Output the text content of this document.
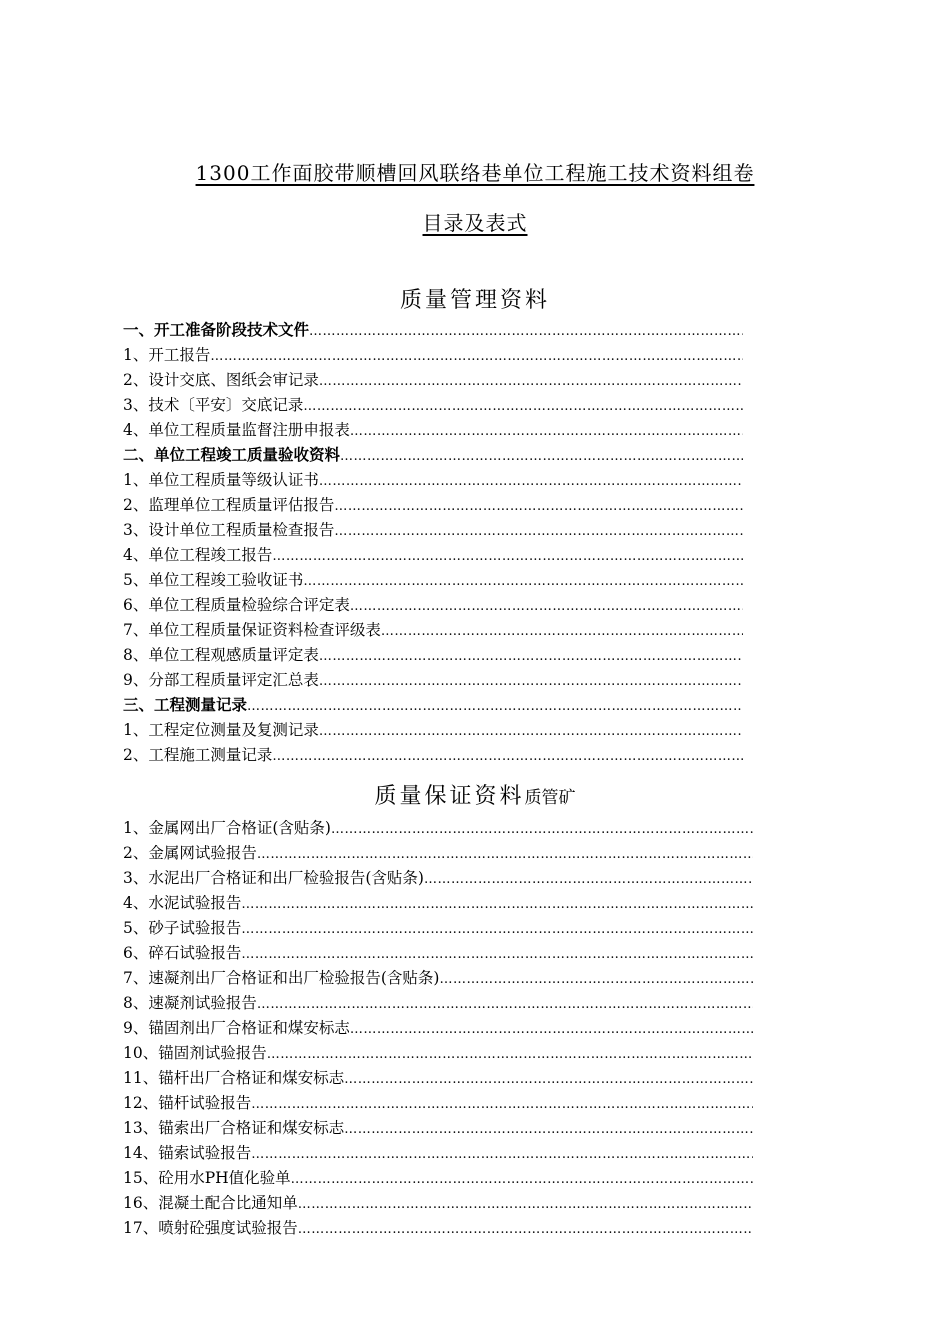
1300工作面胶带顺槽回风联络巷单位工程施工技术资料组卷
目录及表式
质量管理资料
一、开工准备阶段技术文件
………………………………………………………………………………………………………………………………………………………………………………
1、开工报告
………………………………………………………………………………………………………………………………………………………………………………
2、设计交底、图纸会审记录
………………………………………………………………………………………………………………………………………………………………………………
3、技术〔平安〕交底记录
………………………………………………………………………………………………………………………………………………………………………………
4、单位工程质量监督注册申报表
………………………………………………………………………………………………………………………………………………………………………………
二、单位工程竣工质量验收资料
………………………………………………………………………………………………………………………………………………………………………………
1、单位工程质量等级认证书
………………………………………………………………………………………………………………………………………………………………………………
2、监理单位工程质量评估报告
………………………………………………………………………………………………………………………………………………………………………………
3、设计单位工程质量检查报告
………………………………………………………………………………………………………………………………………………………………………………
4、单位工程竣工报告
………………………………………………………………………………………………………………………………………………………………………………
5、单位工程竣工验收证书
………………………………………………………………………………………………………………………………………………………………………………
6、单位工程质量检验综合评定表
………………………………………………………………………………………………………………………………………………………………………………
7、单位工程质量保证资料检查评级表
………………………………………………………………………………………………………………………………………………………………………………
8、单位工程观感质量评定表
………………………………………………………………………………………………………………………………………………………………………………
9、分部工程质量评定汇总表
………………………………………………………………………………………………………………………………………………………………………………
三、工程测量记录
………………………………………………………………………………………………………………………………………………………………………………
1、工程定位测量及复测记录
………………………………………………………………………………………………………………………………………………………………………………
2、工程施工测量记录
………………………………………………………………………………………………………………………………………………………………………………
质量保证资料质管矿
1、金属网出厂合格证(含贴条)
………………………………………………………………………………………………………………………………………………………………………………
2、金属网试验报告
………………………………………………………………………………………………………………………………………………………………………………
3、水泥出厂合格证和出厂检验报告(含贴条)
………………………………………………………………………………………………………………………………………………………………………………
4、水泥试验报告
………………………………………………………………………………………………………………………………………………………………………………
5、砂子试验报告
………………………………………………………………………………………………………………………………………………………………………………
6、碎石试验报告
………………………………………………………………………………………………………………………………………………………………………………
7、速凝剂出厂合格证和出厂检验报告(含贴条)
………………………………………………………………………………………………………………………………………………………………………………
8、速凝剂试验报告
………………………………………………………………………………………………………………………………………………………………………………
9、锚固剂出厂合格证和煤安标志
………………………………………………………………………………………………………………………………………………………………………………
10、锚固剂试验报告
………………………………………………………………………………………………………………………………………………………………………………
11、锚杆出厂合格证和煤安标志
………………………………………………………………………………………………………………………………………………………………………………
12、锚杆试验报告
………………………………………………………………………………………………………………………………………………………………………………
13、锚索出厂合格证和煤安标志
………………………………………………………………………………………………………………………………………………………………………………
14、锚索试验报告
………………………………………………………………………………………………………………………………………………………………………………
15、砼用水PH值化验单
………………………………………………………………………………………………………………………………………………………………………………
16、混凝土配合比通知单
………………………………………………………………………………………………………………………………………………………………………………
17、喷射砼强度试验报告
………………………………………………………………………………………………………………………………………………………………………………
